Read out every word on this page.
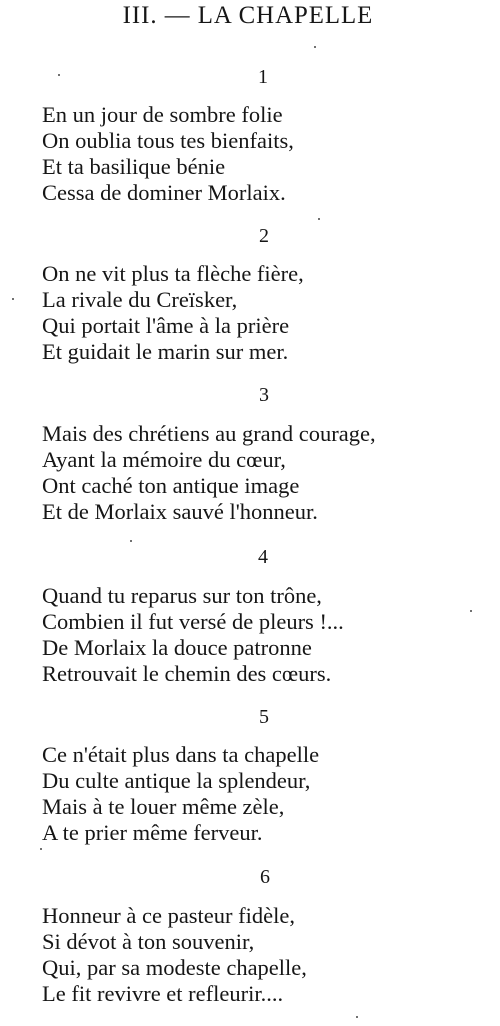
III. — LA CHAPELLE
1
En un jour de sombre folie
On oublia tous tes bienfaits,
Et ta basilique bénie
Cessa de dominer Morlaix.
2
On ne vit plus ta flèche fière,
La rivale du Creïsker,
Qui portait l'âme à la prière
Et guidait le marin sur mer.
3
Mais des chrétiens au grand courage,
Ayant la mémoire du cœur,
Ont caché ton antique image
Et de Morlaix sauvé l'honneur.
4
Quand tu reparus sur ton trône,
Combien il fut versé de pleurs !...
De Morlaix la douce patronne
Retrouvait le chemin des cœurs.
5
Ce n'était plus dans ta chapelle
Du culte antique la splendeur,
Mais à te louer même zèle,
A te prier même ferveur.
6
Honneur à ce pasteur fidèle,
Si dévot à ton souvenir,
Qui, par sa modeste chapelle,
Le fit revivre et refleurir....
